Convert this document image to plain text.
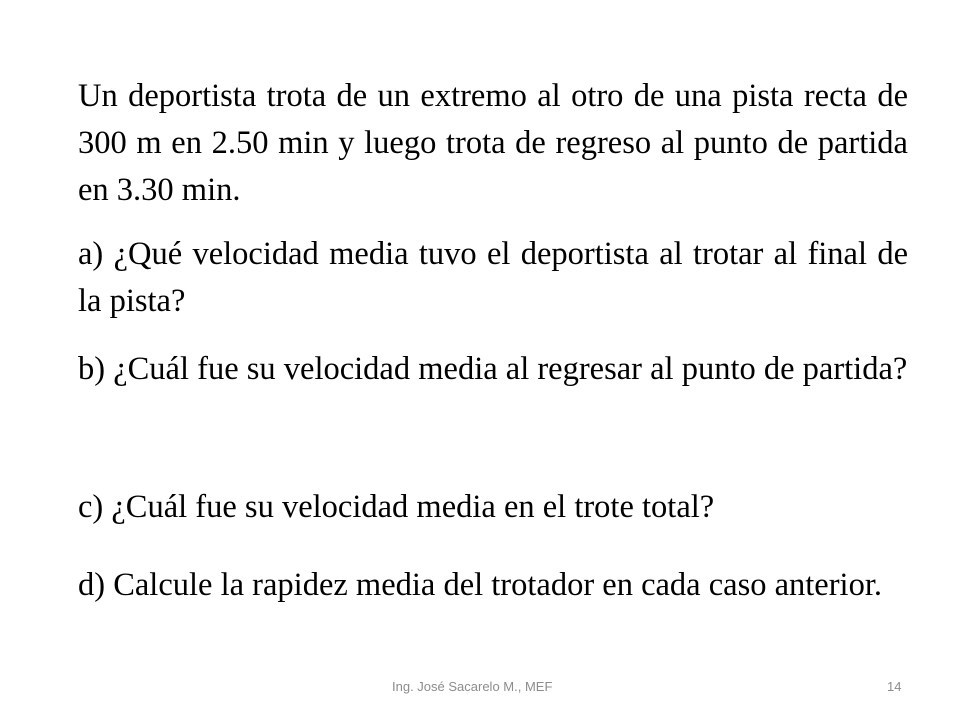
Un deportista trota de un extremo al otro de una pista recta de 300 m en 2.50 min y luego trota de regreso al punto de partida en 3.30 min.

a) ¿Qué velocidad media tuvo el deportista al trotar al final de la pista?

b) ¿Cuál fue su velocidad media al regresar al punto de partida?

c) ¿Cuál fue su velocidad media en el trote total?

d) Calcule la rapidez media del trotador en cada caso anterior.

Ing. José Sacarelo M., MEF	14
